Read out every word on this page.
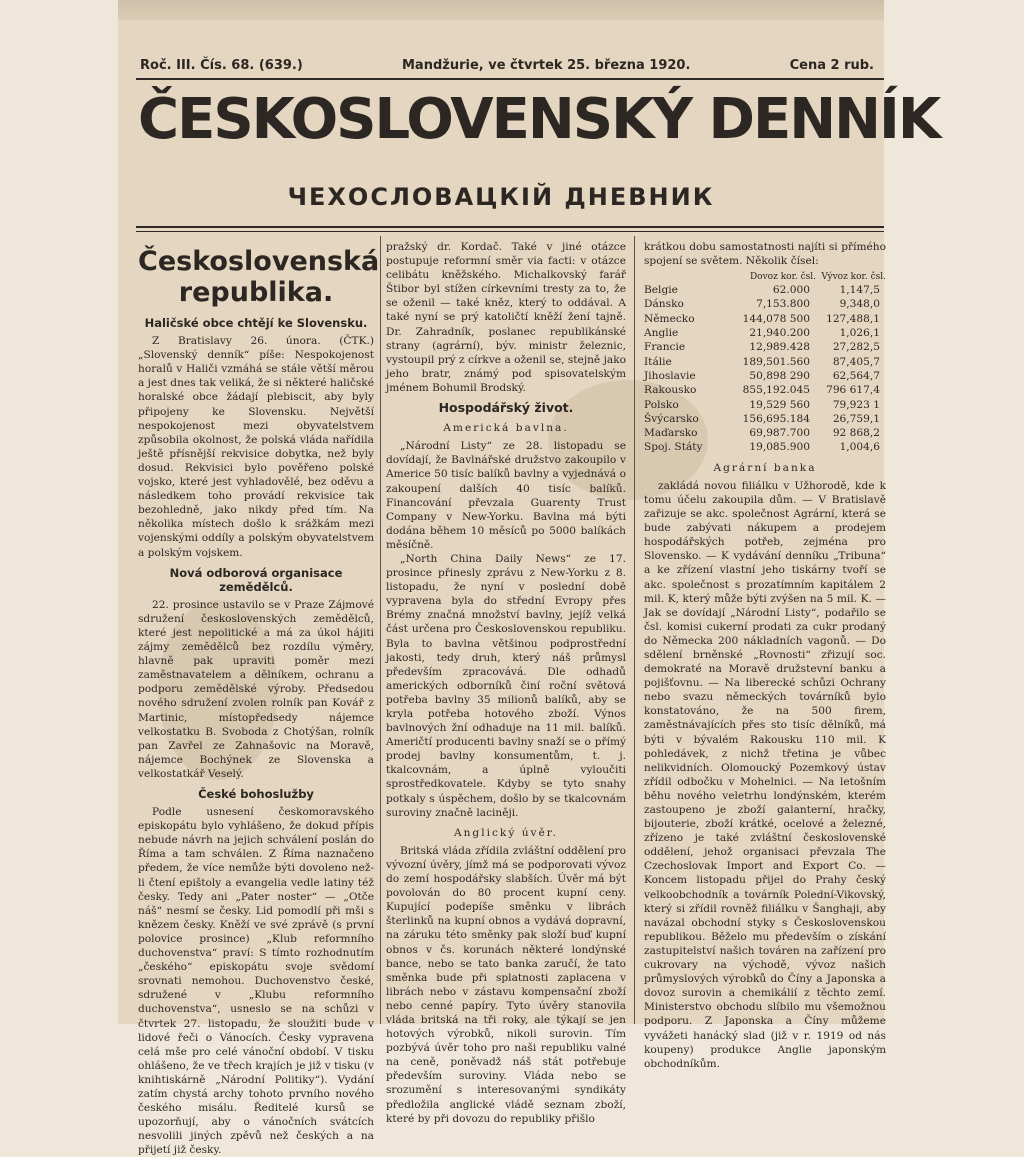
Roč. III. Čís. 68. (639.)	Mandžurie, ve čtvrtek 25. března 1920.	Cena 2 rub.
ČESKOSLOVENSKÝ DENNÍK
ЧЕХОСЛОВАЦКІЙ ДНЕВНИК
Československá republika.
Haličské obce chtějí ke Slovensku.

Z Bratislavy 26. února. (ČTK.) „Slovenský denník“ píše: Nespokojenost horalů v Haliči vzmáhá se stále větší měrou a jest dnes tak veliká, že si některé haličské horalské obce žádají plebiscit, aby byly připojeny ke Slovensku. Největší nespokojenost mezi obyvatelstvem způsobila okolnost, že polská vláda nařídila ještě přísnější rekvisice dobytka, než byly dosud. Rekvisici bylo pověřeno polské vojsko, které jest vyhladovělé, bez oděvu a následkem toho provádí rekvisice tak bezohledně, jako nikdy před tím. Na několika místech došlo k srážkám mezi vojenskými oddíly a polským obyvatelstvem a polským vojskem.

Nová odborová organisace zemědělců.

22. prosince ustavilo se v Praze Zájmové sdružení československých zemědělců, které jest nepolitické a má za úkol hájiti zájmy zemědělců bez rozdílu výměry, hlavně pak upraviti poměr mezi zaměstnavatelem a dělníkem, ochranu a podporu zemědělské výroby. Předsedou nového sdružení zvolen rolník pan Kovář z Martinic, místopředsedy nájemce velkostatku B. Svoboda z Chotýšan, rolník pan Zavřel ze Zahnašovic na Moravě, nájemce Bochýnek ze Slovenska a velkostatkář Veselý.

České bohoslužby

Podle usnesení českomoravského episkopátu bylo vyhlášeno, že dokud přípis nebude návrh na jejich schválení poslán do Říma a tam schválen. Z Říma naznačeno předem, že více nemůže býti dovoleno než-li čtení epištoly a evangelia vedle latiny též česky. Tedy ani „Pater noster“ — „Otče náš“ nesmí se česky. Lid pomodlí při mši s knězem česky. Kněží ve své zprávě (s první polovice prosince) „Klub reformního duchovenstva“ praví: S tímto rozhodnutím „českého“ episkopátu svoje svědomí srovnati nemohou. Duchovenstvo české, sdružené v „Klubu reformního duchovenstva“, usneslo se na schůzi v čtvrtek 27. listopadu, že sloužiti bude v lidové řeči o Vánocích. Česky vypravena celá mše pro celé vánoční období. V tisku ohlášeno, že ve třech krajích je již v tisku (v knihtiskárně „Národní Politiky“). Vydání zatím chystá archy tohoto prvního nového českého misálu. Ředitelé kursů se upozorňují, aby o vánočních svátcích nesvolili jiných zpěvů než českých a na přijetí již česky.

pražský dr. Kordač. Také v jiné otázce postupuje reformní směr via facti: v otázce celibátu kněžského. Michalkovský farář Štibor byl stížen církevními tresty za to, že se oženil — také kněz, který to oddával. A také nyní se prý katoličtí kněží žení tajně. Dr. Zahradník, poslanec republikánské strany (agrární), býv. ministr železnic, vystoupil prý z církve a oženil se, stejně jako jeho bratr, známý pod spisovatelským jménem Bohumil Brodský.

Hospodářský život.
Americká bavlna.

„Národní Listy“ ze 28. listopadu se dovídají, že Bavlnářské družstvo zakoupilo v Americe 50 tisíc balíků bavlny a vyjednává o zakoupení dalších 40 tisíc balíků. Financování převzala Guarenty Trust Company v New-Yorku. Bavlna má býti dodána během 10 měsíců po 5000 balíkách měsíčně.

„North China Daily News“ ze 17. prosince přinesly zprávu z New-Yorku z 8. listopadu, že nyní v poslední době vypravena byla do střední Evropy přes Brémy značná množství bavlny, jejíž velká část určena pro Československou republiku. Byla to bavlna většinou podprostřední jakosti, tedy druh, který náš průmysl především zpracovává. Dle odhadů amerických odborníků činí roční světová potřeba bavlny 35 milionů balíků, aby se kryla potřeba hotového zboží. Výnos bavlnových žní odhaduje na 11 mil. balíků. Američtí producenti bavlny snaží se o přímý prodej bavlny konsumentům, t. j. tkalcovnám, a úplně vyloučiti sprostředkovatele. Kdyby se tyto snahy potkaly s úspěchem, došlo by se tkalcovnám suroviny značně laciněji.

Anglický úvěr.

Britská vláda zřídila zvláštní oddělení pro vývozní úvěry, jímž má se podporovati vývoz do zemí hospodářsky slabších. Úvěr má být povolován do 80 procent kupní ceny. Kupující podepíše směnku v librách šterlinků na kupní obnos a vydává dopravní, na záruku této směnky pak složí buď kupní obnos v čs. korunách některé londýnské bance, nebo se tato banka zaručí, že tato směnka bude při splatnosti zaplacena v librách nebo v zástavu kompensační zboží nebo cenné papíry. Tyto úvěry stanovila vláda britská na tři roky, ale týkají se jen hotových výrobků, nikoli surovin. Tím pozbývá úvěr toho pro naši republiku valné na ceně, poněvadž náš stát potřebuje především suroviny. Vláda nebo se srozumění s interesovanými syndikáty předložila anglické vládě seznam zboží, které by při dovozu do republiky přišlo

krátkou dobu samostatnosti najíti si přímého spojení se světem. Několik čísel:

Dovoz kor. čsl. Vývoz kor. čsl.
Belgie	62.000	1,147,5
Dánsko	7,153.800	9,348,0
Německo	144,078 500	127,488,1
Anglie	21,940.200	1,026,1
Francie	12,989.428	27,282,5
Itálie	189,501.560	87,405,7
Jihoslavie	50,898 290	62,564,7
Rakousko	855,192.045	796 617,4
Polsko	19,529 560	79,923 1
Švýcarsko	156,695.184	26,759,1
Maďarsko	69,987.700	92 868,2
Spoj. Státy	19,085.900	1,004,6
Agrární banka

zakládá novou filiálku v Užhorodě, kde k tomu účelu zakoupila dům. — V Bratislavě zařizuje se akc. společnost Agrární, která se bude zabývati nákupem a prodejem hospodářských potřeb, zejména pro Slovensko. — K vydávání denníku „Tribuna“ a ke zřízení vlastní jeho tiskárny tvoří se akc. společnost s prozatímním kapitálem 2 mil. K, který může býti zvýšen na 5 mil. K. — Jak se dovídají „Národní Listy“, podařilo se čsl. komisi cukerní prodati za cukr prodaný do Německa 200 nákladních vagonů. — Do sdělení brněnské „Rovnosti“ zřizují soc. demokraté na Moravě družstevní banku a pojišťovnu. — Na liberecké schůzi Ochrany nebo svazu německých továrníků bylo konstatováno, že na 500 firem, zaměstnávajících přes sto tisíc dělníků, má býti v bývalém Rakousku 110 mil. K pohledávek, z nichž třetina je vůbec nelikvidních. Olomoucký Pozemkový ústav zřídil odbočku v Mohelnici. — Na letošním běhu nového veletrhu londýnském, kterém zastoupeno je zboží galanterní, hračky, bijouterie, zboží krátké, ocelové a železné, zřízeno je také zvláštní československé oddělení, jehož organisaci převzala The Czechoslovak Import and Export Co. — Koncem listopadu přijel do Prahy český velkoobchodník a továrník Polední-Vikovský, který si zřídil rovněž filiálku v Šanghaji, aby navázal obchodní styky s Československou republikou. Běželo mu především o získání zastupitelství našich továren na zařízení pro cukrovary na východě, vývoz našich průmyslových výrobků do Číny a Japonska a dovoz surovin a chemikálií z těchto zemí. Ministerstvo obchodu slíbilo mu všemožnou podporu. Z Japonska a Číny můžeme vyvážeti hanácký slad (již v r. 1919 od nás koupeny) produkce Anglie japonským obchodníkům.
